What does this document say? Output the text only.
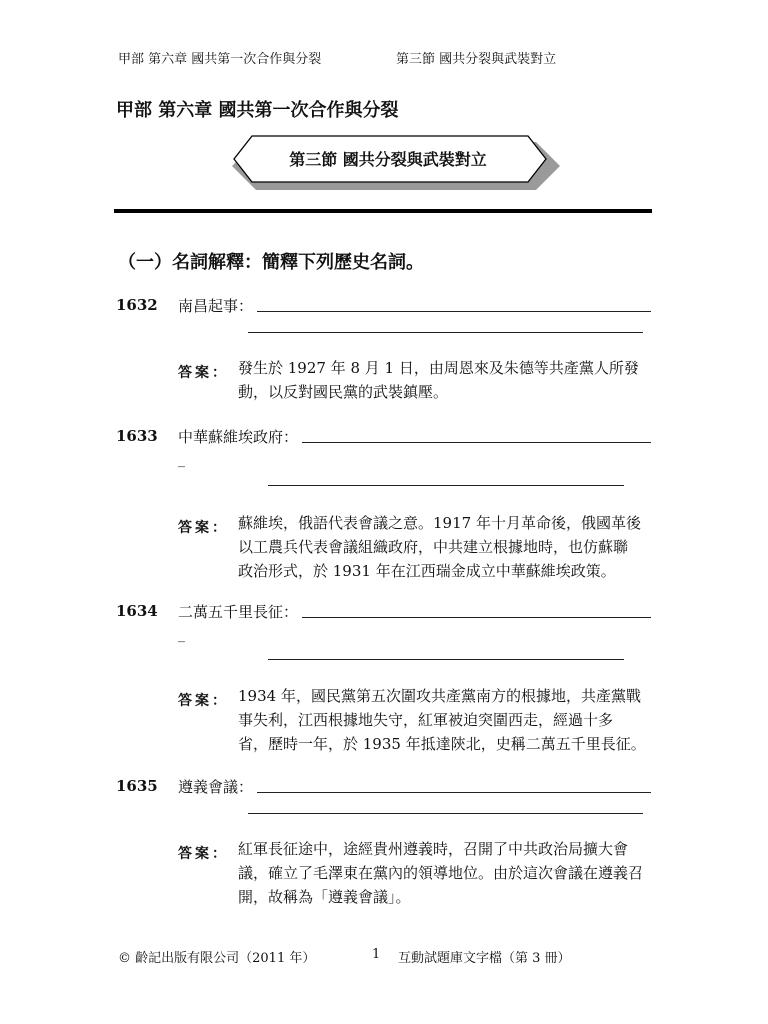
甲部 第六章 國共第一次合作與分裂	第三節 國共分裂與武裝對立
甲部 第六章 國共第一次合作與分裂
第三節 國共分裂與武裝對立
（一）名詞解釋：簡釋下列歷史名詞。
1632 南昌起事：
答案： 發生於 1927 年 8 月 1 日，由周恩來及朱德等共產黨人所發
動，以反對國民黨的武裝鎮壓。
1633 中華蘇維埃政府：
_
答案： 蘇維埃，俄語代表會議之意。1917 年十月革命後，俄國革後
以工農兵代表會議組織政府，中共建立根據地時，也仿蘇聯
政治形式，於 1931 年在江西瑞金成立中華蘇維埃政策。
1634 二萬五千里長征：
_
答案： 1934 年，國民黨第五次圍攻共產黨南方的根據地，共產黨戰
事失利，江西根據地失守，紅軍被迫突圍西走，經過十多
省，歷時一年，於 1935 年抵達陝北，史稱二萬五千里長征。
1635 遵義會議：
答案： 紅軍長征途中，途經貴州遵義時，召開了中共政治局擴大會
議，確立了毛澤東在黨內的領導地位。由於這次會議在遵義召
開，故稱為「遵義會議」。
© 齡記出版有限公司（2011 年）	1 互動試題庫文字檔（第 3 冊）
